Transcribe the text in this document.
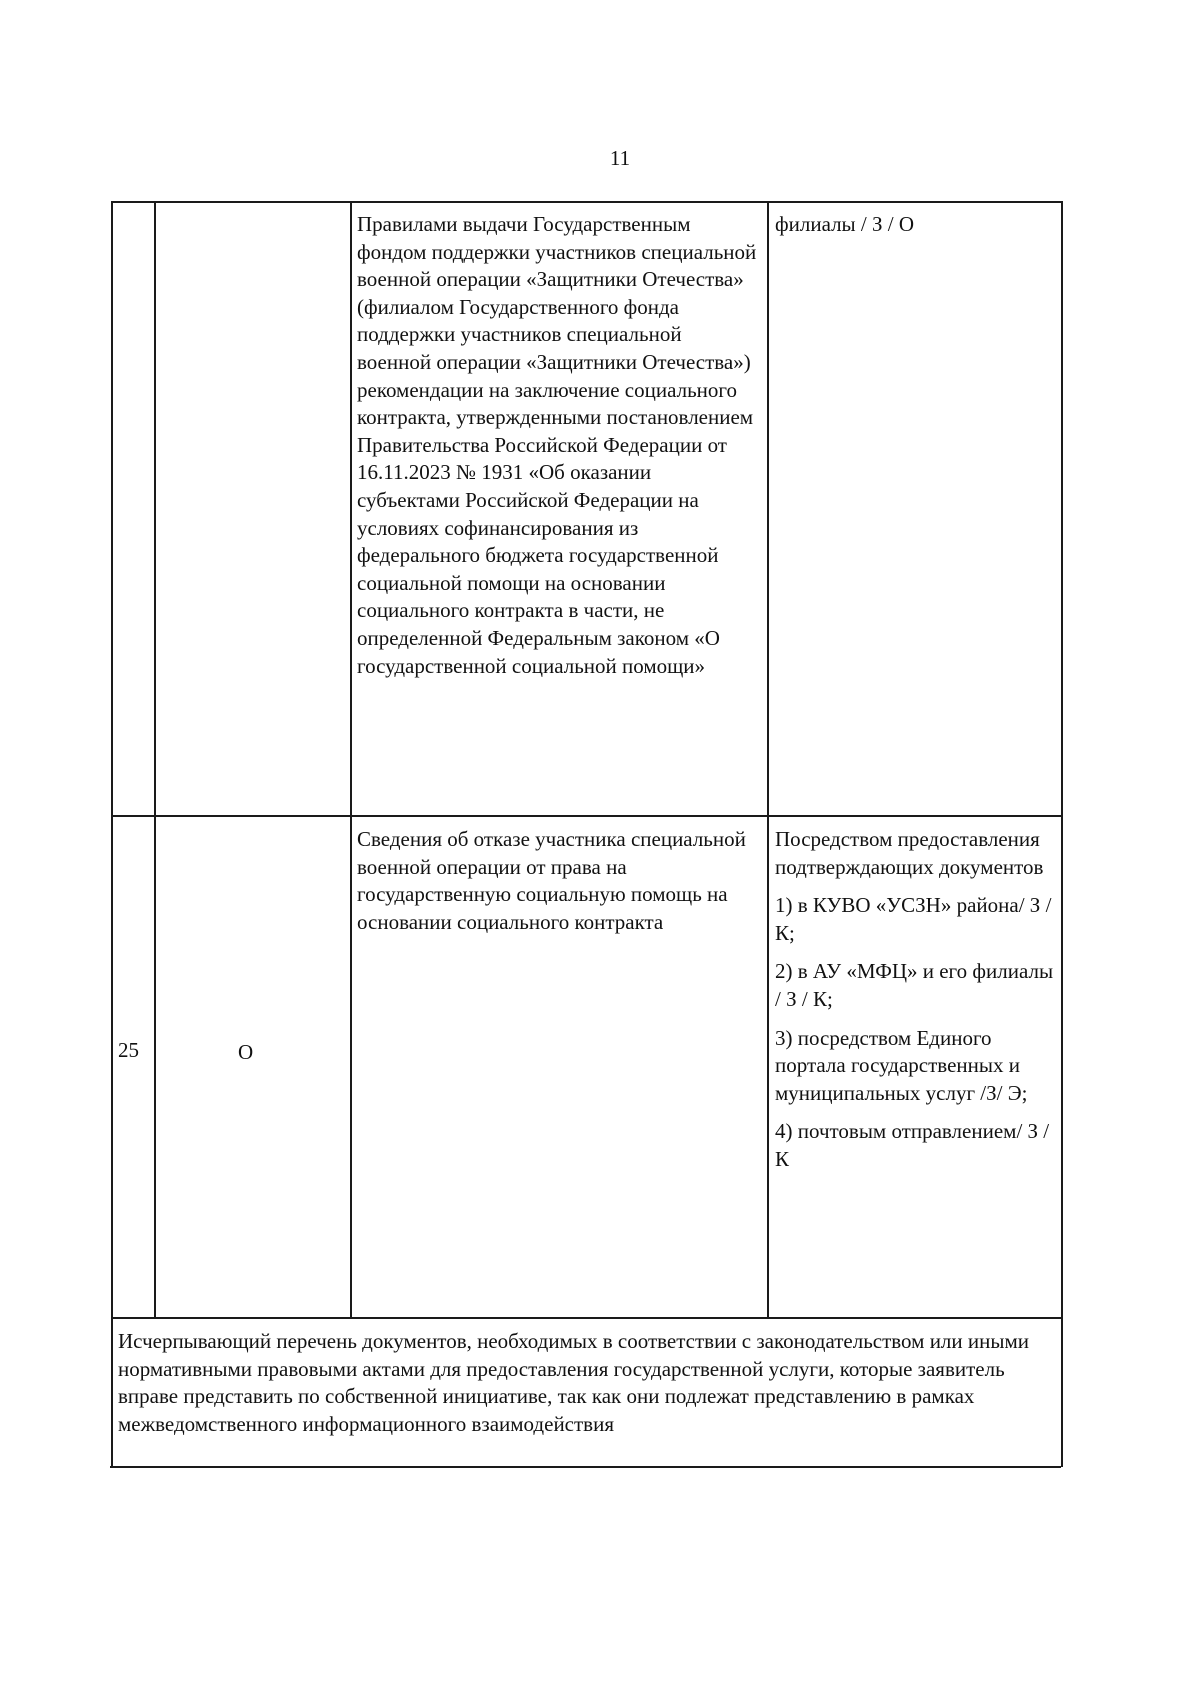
11
Правилами выдачи Государственным фондом поддержки участников специальной военной операции «Защитники Отечества» (филиалом Государственного фонда поддержки участников специальной военной операции «Защитники Отечества») рекомендации на заключение социального контракта, утвержденными постановлением Правительства Российской Федерации от 16.11.2023 № 1931 «Об оказании субъектами Российской Федерации на условиях софинансирования из федерального бюджета государственной социальной помощи на основании социального контракта в части, не определенной Федеральным законом «О государственной социальной помощи»
филиалы / З / О
25	О
Сведения об отказе участника специальной военной операции от права на государственную социальную помощь на основании социального контракта

Посредством предоставления подтверждающих документов

1) в КУВО «УСЗН» района/ З / К;

2) в АУ «МФЦ» и его филиалы / З / К;

3) посредством Единого портала государственных и муниципальных услуг /З/ Э;

4) почтовым отправлением/ З / К

Исчерпывающий перечень документов, необходимых в соответствии с законодательством или иными нормативными правовыми актами для предоставления государственной услуги, которые заявитель вправе представить по собственной инициативе, так как они подлежат представлению в рамках межведомственного информационного взаимодействия
